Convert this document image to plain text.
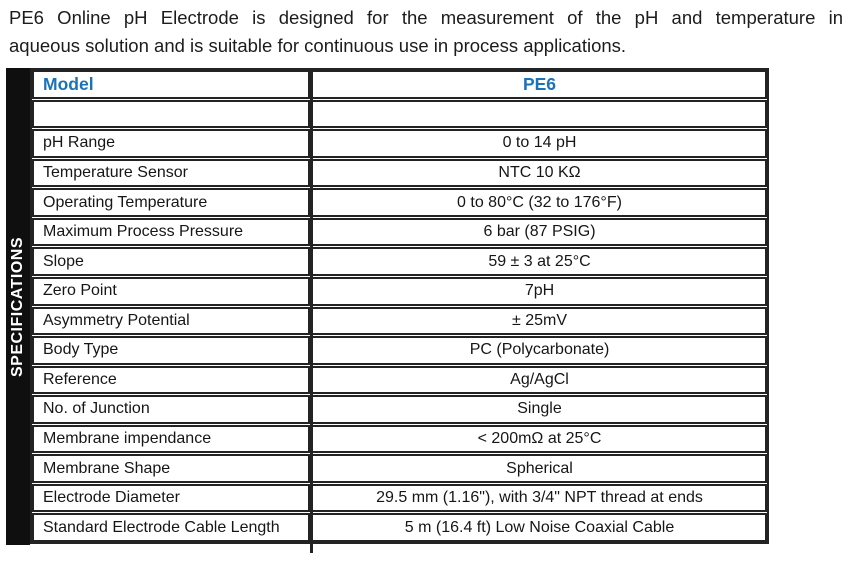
PE6 Online pH Electrode is designed for the measurement of the pH and temperature in
aqueous solution and is suitable for continuous use in process applications.
SPECIFICATIONS
Model	PE6
pH Range	0 to 14 pH
Temperature Sensor	NTC 10 KΩ
Operating Temperature	0 to 80°C (32 to 176°F)
Maximum Process Pressure	6 bar (87 PSIG)
Slope	59 ± 3 at 25°C
Zero Point	7pH
Asymmetry Potential	± 25mV
Body Type	PC (Polycarbonate)
Reference	Ag/AgCl
No. of Junction	Single
Membrane impendance	< 200mΩ at 25°C
Membrane Shape	Spherical
Electrode Diameter	29.5 mm (1.16"), with 3/4" NPT thread at ends
Standard Electrode Cable Length	5 m (16.4 ft) Low Noise Coaxial Cable
